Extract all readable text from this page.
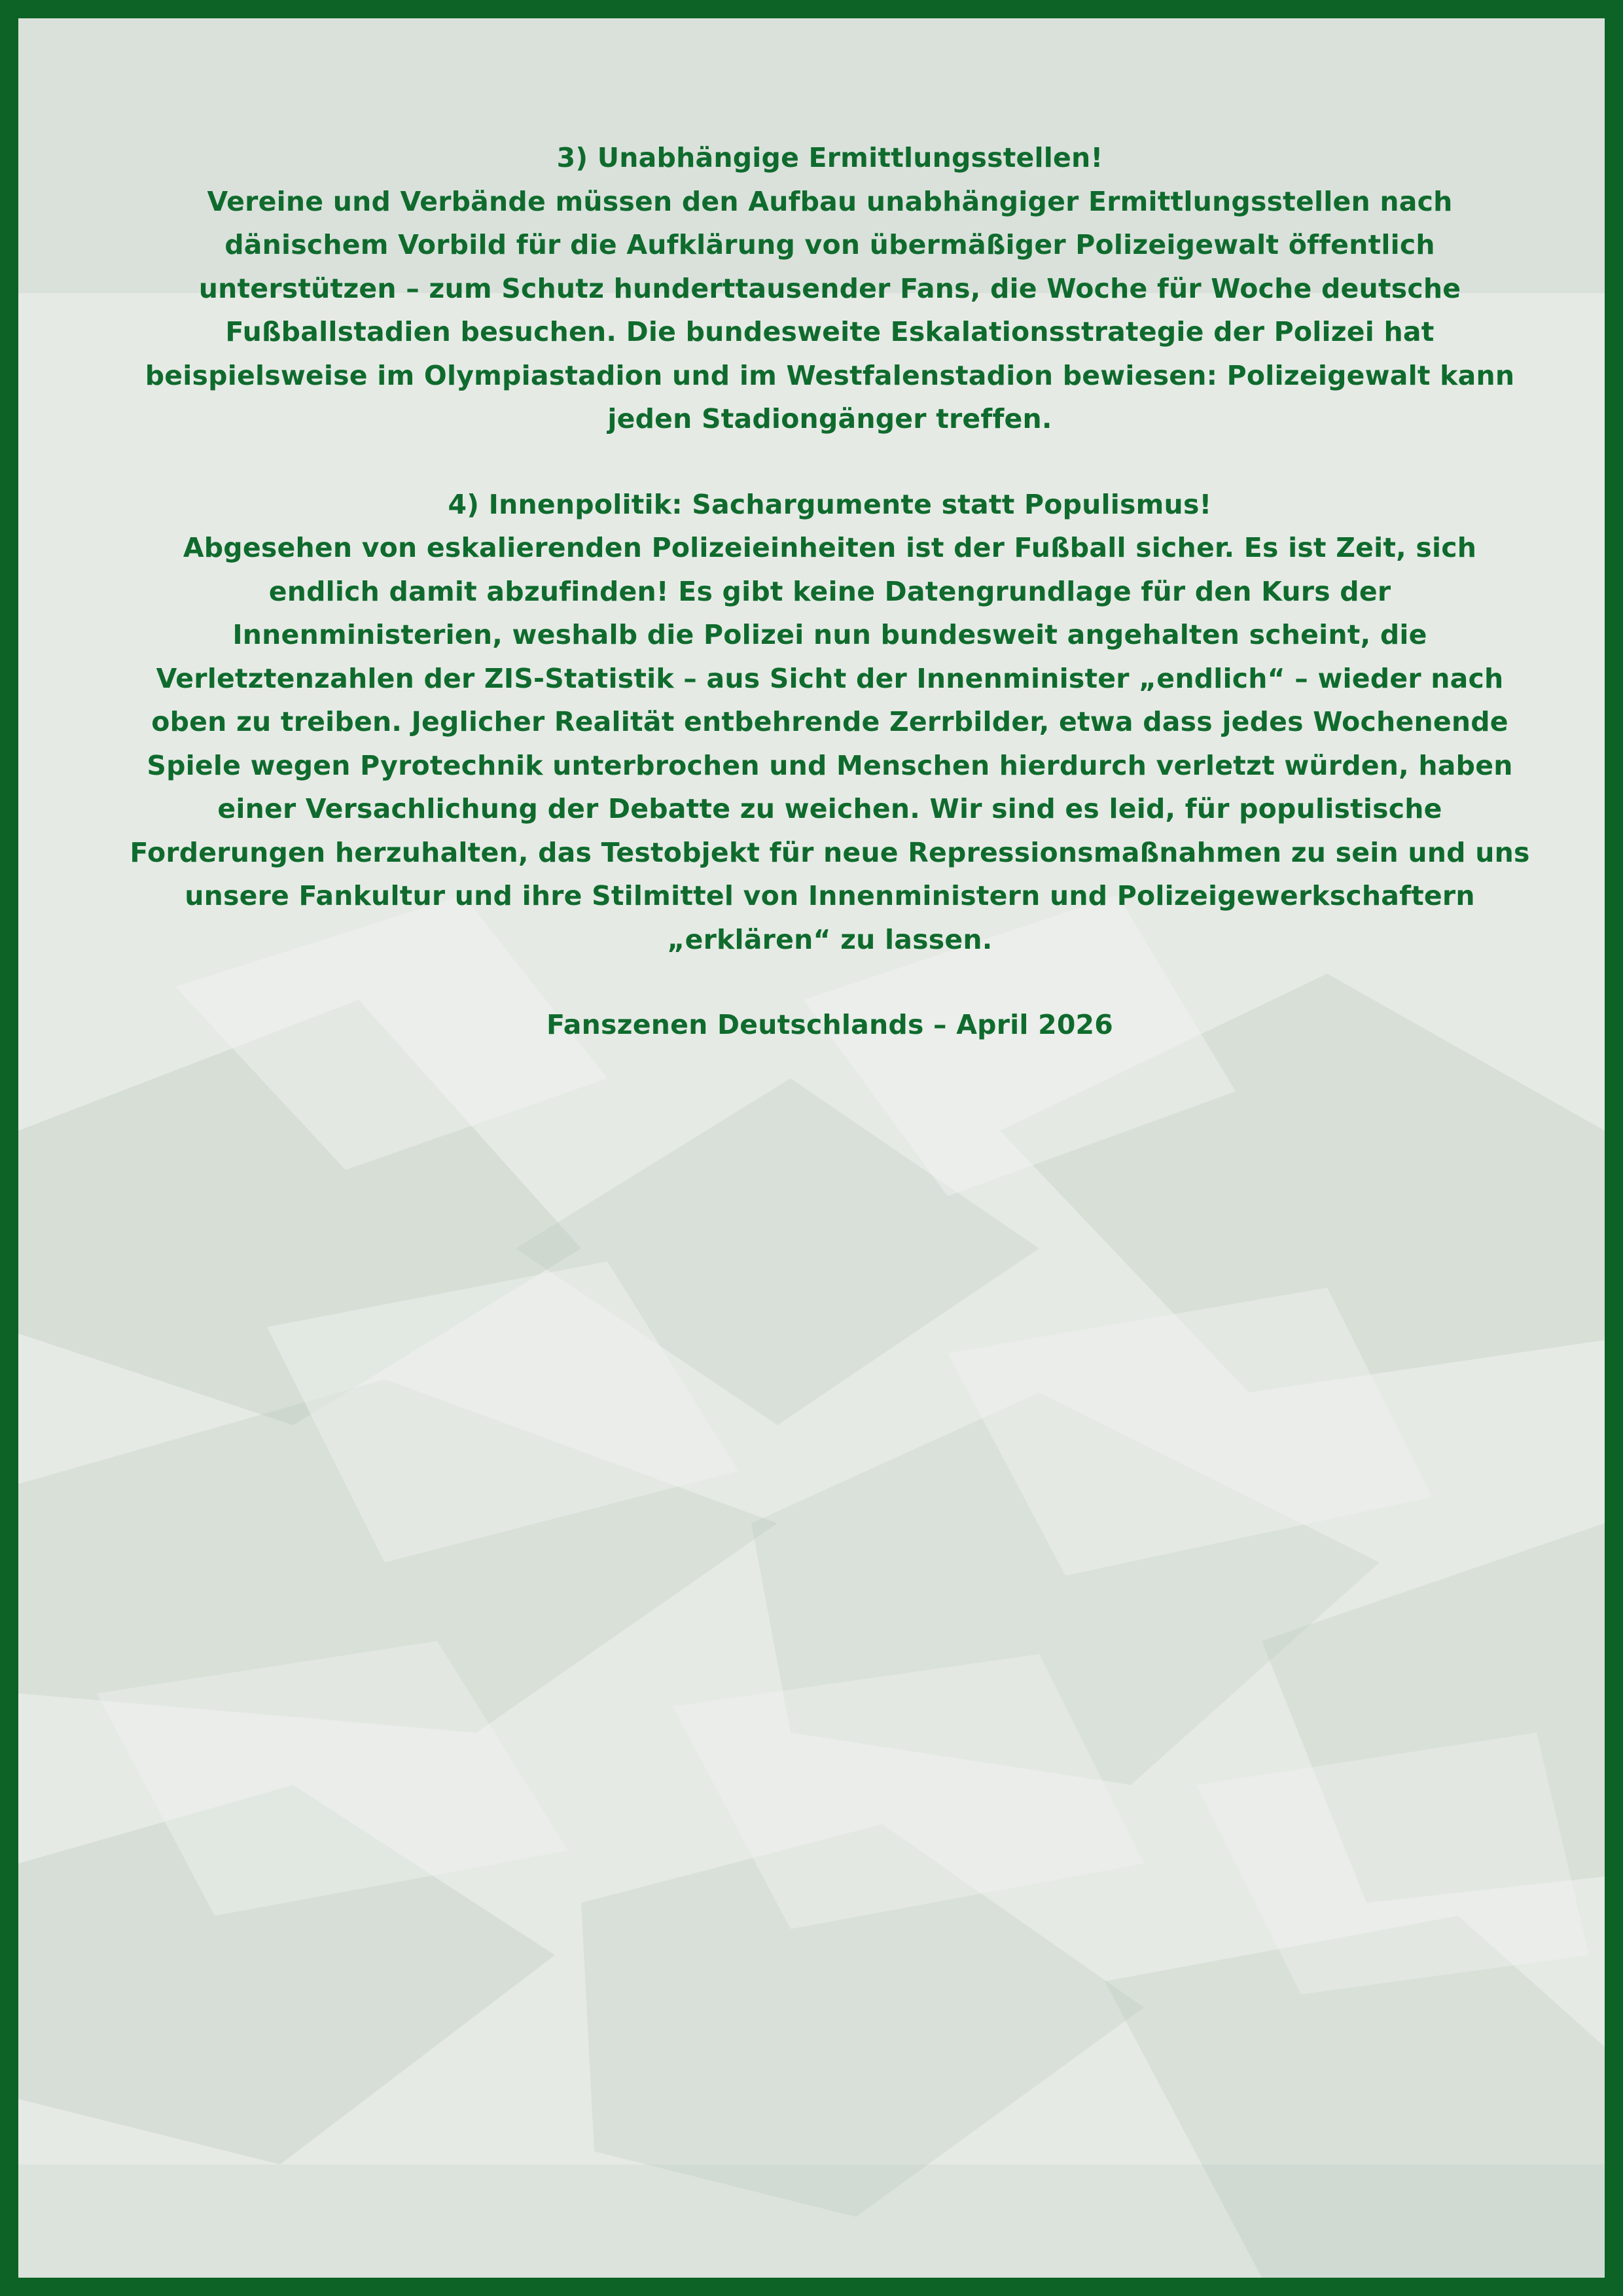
3) Unabhängige Ermittlungsstellen!

Vereine und Verbände müssen den Aufbau unabhängiger Ermittlungsstellen nach dänischem Vorbild für die Aufklärung von übermäßiger Polizeigewalt öffentlich unterstützen – zum Schutz hunderttausender Fans, die Woche für Woche deutsche Fußballstadien besuchen. Die bundesweite Eskalationsstrategie der Polizei hat beispielsweise im Olympiastadion und im Westfalenstadion bewiesen: Polizeigewalt kann jeden Stadiongänger treffen.

4) Innenpolitik: Sachargumente statt Populismus!

Abgesehen von eskalierenden Polizeieinheiten ist der Fußball sicher. Es ist Zeit, sich endlich damit abzufinden! Es gibt keine Datengrundlage für den Kurs der Innenministerien, weshalb die Polizei nun bundesweit angehalten scheint, die Verletztenzahlen der ZIS-Statistik – aus Sicht der Innenminister „endlich“ – wieder nach oben zu treiben. Jeglicher Realität entbehrende Zerrbilder, etwa dass jedes Wochenende Spiele wegen Pyrotechnik unterbrochen und Menschen hierdurch verletzt würden, haben einer Versachlichung der Debatte zu weichen. Wir sind es leid, für populistische Forderungen herzuhalten, das Testobjekt für neue Repressionsmaßnahmen zu sein und uns unsere Fankultur und ihre Stilmittel von Innenministern und Polizeigewerkschaftern „erklären“ zu lassen.

Fanszenen Deutschlands – April 2026
